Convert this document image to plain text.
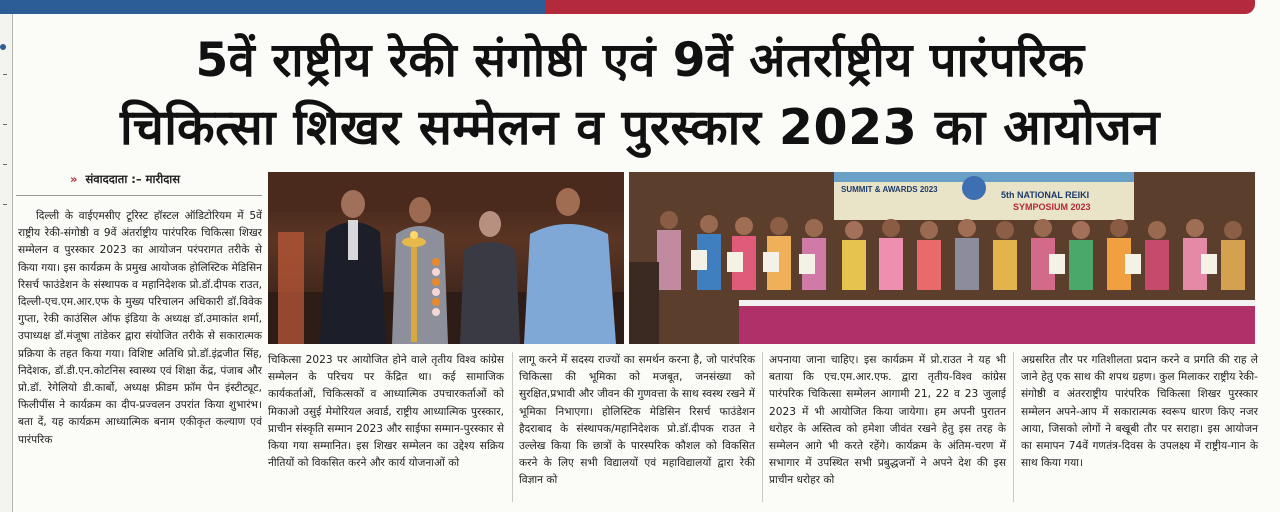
5वें राष्ट्रीय रेकी संगोष्ठी एवं 9वें अंतर्राष्ट्रीय पारंपरिक
चिकित्सा शिखर सम्मेलन व पुरस्कार 2023 का आयोजन
» संवाददाता :– मारीदास
दिल्ली के वाईएमसीए टूरिस्ट हॉस्टल ऑडिटोरियम में 5वें राष्ट्रीय रेकी-संगोष्ठी व 9वें अंतर्राष्ट्रीय पारंपरिक चिकित्सा शिखर सम्मेलन व पुरस्कार 2023 का आयोजन परंपरागत तरीके से किया गया। इस कार्यक्रम के प्रमुख आयोजक होलिस्टिक मेडिसिन रिसर्च फाउंडेशन के संस्थापक व महानिदेशक प्रो.डॉ.दीपक राउत, दिल्ली-एच.एम.आर.एफ के मुख्य परिचालन अधिकारी डॉ.विवेक गुप्ता, रेकी काउंसिल ऑफ इंडिया के अध्यक्ष डॉ.उमाकांत शर्मा, उपाध्यक्ष डॉ.मंजूषा तांडेकर द्वारा संयोजित तरीके से सकारात्मक प्रक्रिया के तहत किया गया। विशिष्ट अतिथि प्रो.डॉ.इंद्रजीत सिंह, निदेशक, डॉ.डी.एन.कोटनिस स्वास्थ्य एवं शिक्षा केंद्र, पंजाब और प्रो.डॉ. रेगेलियो डी.कार्बो, अध्यक्ष फ्रीडम फ्रॉम पेन इंस्टीट्यूट, फिलीपींस ने कार्यक्रम का दीप-प्रज्वलन उपरांत किया शुभारंभ। बता दें, यह कार्यक्रम आध्यात्मिक बनाम एकीकृत कल्याण एवं पारंपरिक
SUMMIT & AWARDS 2023
5th NATIONAL REIKI
SYMPOSIUM 2023
चिकित्सा 2023 पर आयोजित होने वाले तृतीय विश्व कांग्रेस सम्मेलन के परिचय पर केंद्रित था। कई सामाजिक कार्यकर्ताओं, चिकित्सकों व आध्यात्मिक उपचारकर्ताओं को मिकाओ उसुई मेमोरियल अवार्ड, राष्ट्रीय आध्यात्मिक पुरस्कार, प्राचीन संस्कृति सम्मान 2023 और साईफा सम्मान-पुरस्कार से किया गया सम्मानित। इस शिखर सम्मेलन का उद्देश्य सक्रिय नीतियों को विकसित करने और कार्य योजनाओं को
लागू करने में सदस्य राज्यों का समर्थन करना है, जो पारंपरिक चिकित्सा की भूमिका को मजबूत, जनसंख्या को सुरक्षित,प्रभावी और जीवन की गुणवत्ता के साथ स्वस्थ रखने में भूमिका निभाएगा। होलिस्टिक मेडिसिन रिसर्च फाउंडेशन हैदराबाद के संस्थापक/महानिदेशक प्रो.डॉ.दीपक राउत ने उल्लेख किया कि छात्रों के पारस्परिक कौशल को विकसित करने के लिए सभी विद्यालयों एवं महाविद्यालयों द्वारा रेकी विज्ञान को
अपनाया जाना चाहिए। इस कार्यक्रम में प्रो.राउत ने यह भी बताया कि एच.एम.आर.एफ. द्वारा तृतीय-विश्व कांग्रेस पारंपरिक चिकित्सा सम्मेलन आगामी 21, 22 व 23 जुलाई 2023 में भी आयोजित किया जायेगा। हम अपनी पुरातन धरोहर के अस्तित्व को हमेशा जीवंत रखने हेतु इस तरह के सम्मेलन आगे भी करते रहेंगे। कार्यक्रम के अंतिम-चरण में सभागार में उपस्थित सभी प्रबुद्धजनों ने अपने देश की इस प्राचीन धरोहर को
अग्रसरित तौर पर गतिशीलता प्रदान करने व प्रगति की राह ले जाने हेतु एक साथ की शपथ ग्रहण। कुल मिलाकर राष्ट्रीय रेकी-संगोष्ठी व अंतरराष्ट्रीय पारंपरिक चिकित्सा शिखर पुरस्कार सम्मेलन अपने-आप में सकारात्मक स्वरूप धारण किए नजर आया, जिसको लोगों ने बखूबी तौर पर सराहा। इस आयोजन का समापन 74वें गणतंत्र-दिवस के उपलक्ष्य में राष्ट्रीय-गान के साथ किया गया।
